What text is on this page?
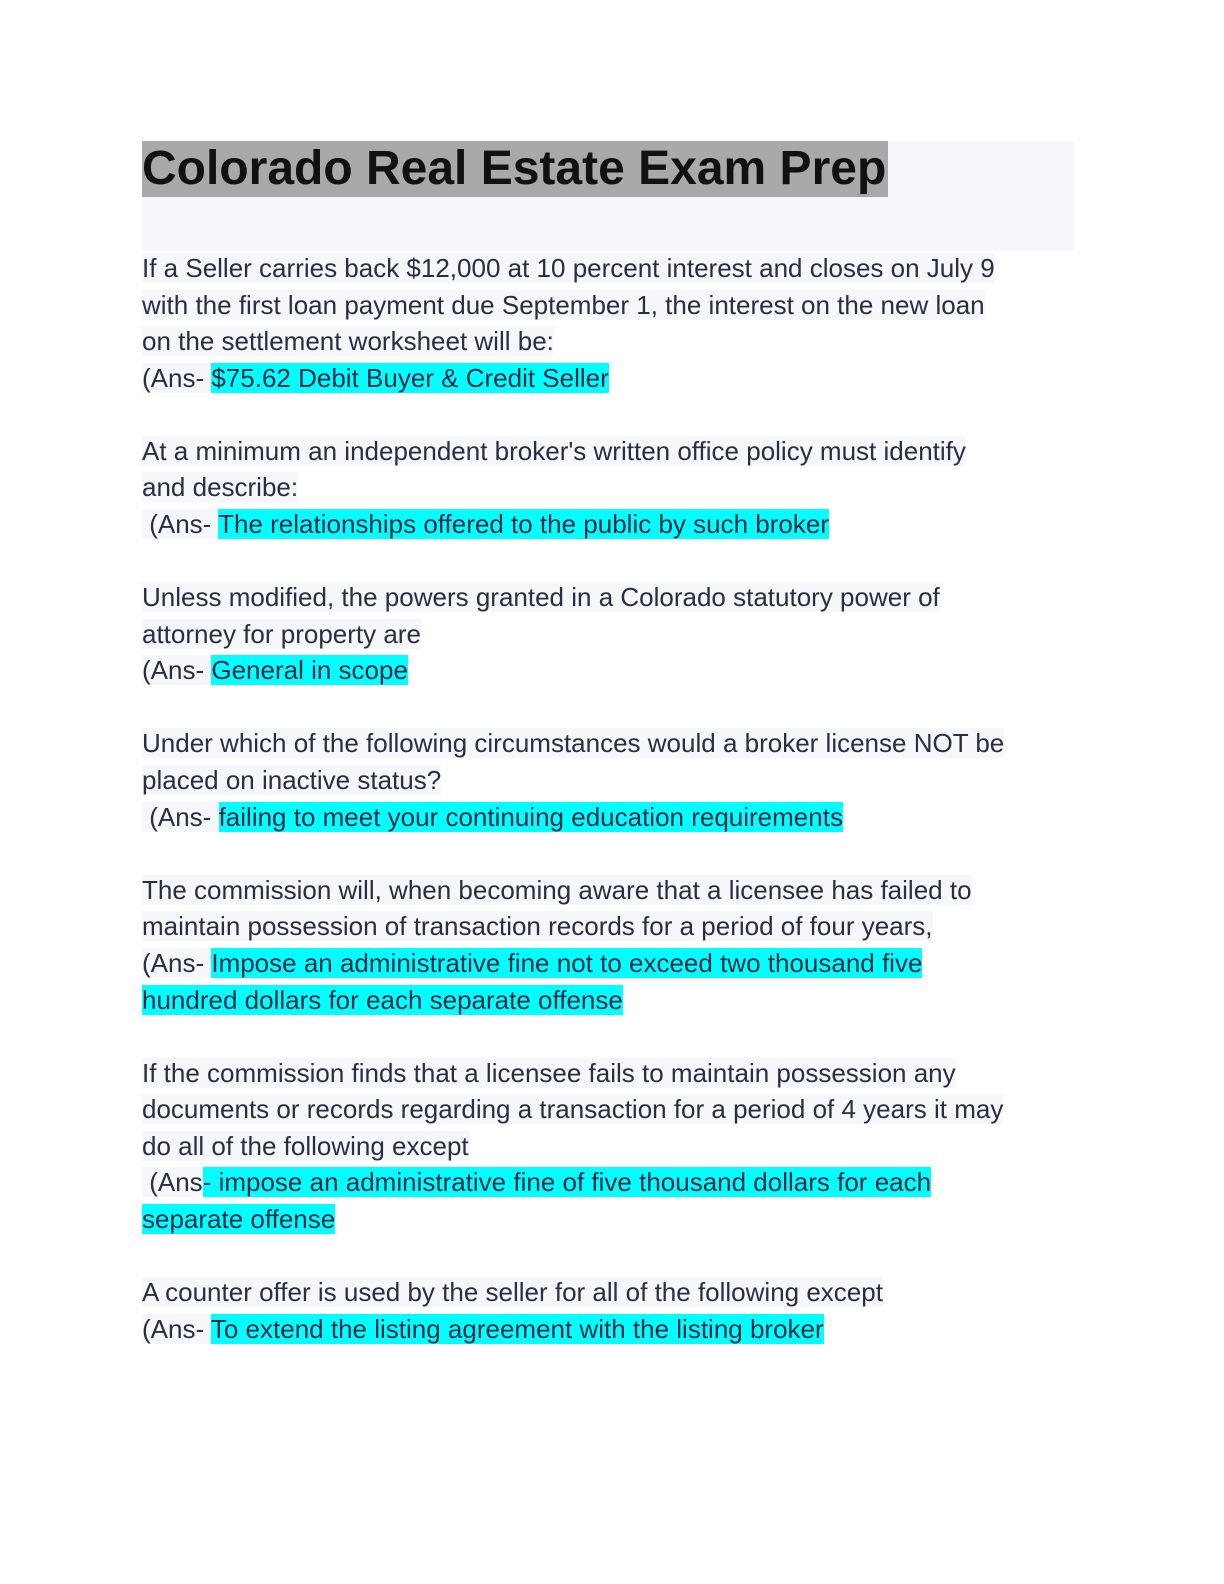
Colorado Real Estate Exam Prep
If a Seller carries back $12,000 at 10 percent interest and closes on July 9
with the first loan payment due September 1, the interest on the new loan
on the settlement worksheet will be:
(Ans- $75.62 Debit Buyer & Credit Seller
At a minimum an independent broker's written office policy must identify
and describe:
(Ans- The relationships offered to the public by such broker
Unless modified, the powers granted in a Colorado statutory power of
attorney for property are
(Ans- General in scope
Under which of the following circumstances would a broker license NOT be
placed on inactive status?
(Ans- failing to meet your continuing education requirements
The commission will, when becoming aware that a licensee has failed to
maintain possession of transaction records for a period of four years,
(Ans- Impose an administrative fine not to exceed two thousand five hundred dollars for each separate offense
If the commission finds that a licensee fails to maintain possession any
documents or records regarding a transaction for a period of 4 years it may
do all of the following except
(Ans- impose an administrative fine of five thousand dollars for each separate offense
A counter offer is used by the seller for all of the following except
(Ans- To extend the listing agreement with the listing broker
